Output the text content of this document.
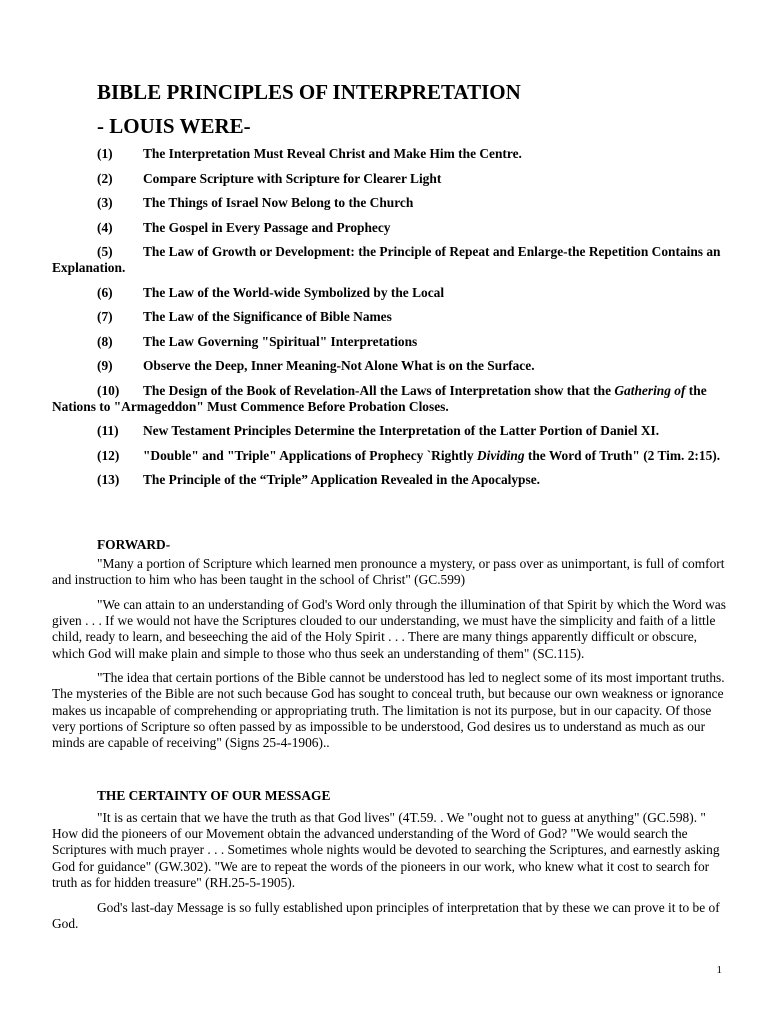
BIBLE PRINCIPLES OF INTERPRETATION
- LOUIS WERE-

(1) The Interpretation Must Reveal Christ and Make Him the Centre.

(2) Compare Scripture with Scripture for Clearer Light

(3) The Things of Israel Now Belong to the Church

(4) The Gospel in Every Passage and Prophecy

(5) The Law of Growth or Development: the Principle of Repeat and Enlarge-the Repetition Contains an Explanation.

(6) The Law of the World-wide Symbolized by the Local

(7) The Law of the Significance of Bible Names

(8) The Law Governing "Spiritual" Interpretations

(9) Observe the Deep, Inner Meaning-Not Alone What is on the Surface.

(10) The Design of the Book of Revelation-All the Laws of Interpretation show that the Gathering of the Nations to "Armageddon" Must Commence Before Probation Closes.

(11) New Testament Principles Determine the Interpretation of the Latter Portion of Daniel XI.

(12) "Double" and "Triple" Applications of Prophecy `Rightly Dividing the Word of Truth" (2 Tim. 2:15).

(13) The Principle of the “Triple” Application Revealed in the Apocalypse.

FORWARD-

"Many a portion of Scripture which learned men pronounce a mystery, or pass over as unimportant, is full of comfort and instruction to him who has been taught in the school of Christ" (GC.599)

"We can attain to an understanding of God's Word only through the illumination of that Spirit by which the Word was given . . . If we would not have the Scriptures clouded to our understanding, we must have the simplicity and faith of a little child, ready to learn, and beseeching the aid of the Holy Spirit . . . There are many things apparently difficult or obscure, which God will make plain and simple to those who thus seek an understanding of them" (SC.115).

"The idea that certain portions of the Bible cannot be understood has led to neglect some of its most important truths. The mysteries of the Bible are not such because God has sought to conceal truth, but because our own weakness or ignorance makes us incapable of comprehending or appropriating truth. The limitation is not its purpose, but in our capacity. Of those very portions of Scripture so often passed by as impossible to be understood, God desires us to understand as much as our minds are capable of receiving" (Signs 25-4-1906)..

THE CERTAINTY OF OUR MESSAGE

"It is as certain that we have the truth as that God lives" (4T.59. . We "ought not to guess at anything" (GC.598). " How did the pioneers of our Movement obtain the advanced understanding of the Word of God? "We would search the Scriptures with much prayer . . . Sometimes whole nights would be devoted to searching the Scriptures, and earnestly asking God for guidance" (GW.302). "We are to repeat the words of the pioneers in our work, who knew what it cost to search for truth as for hidden treasure" (RH.25-5-1905).

God's last-day Message is so fully established upon principles of interpretation that by these we can prove it to be of God.

1
